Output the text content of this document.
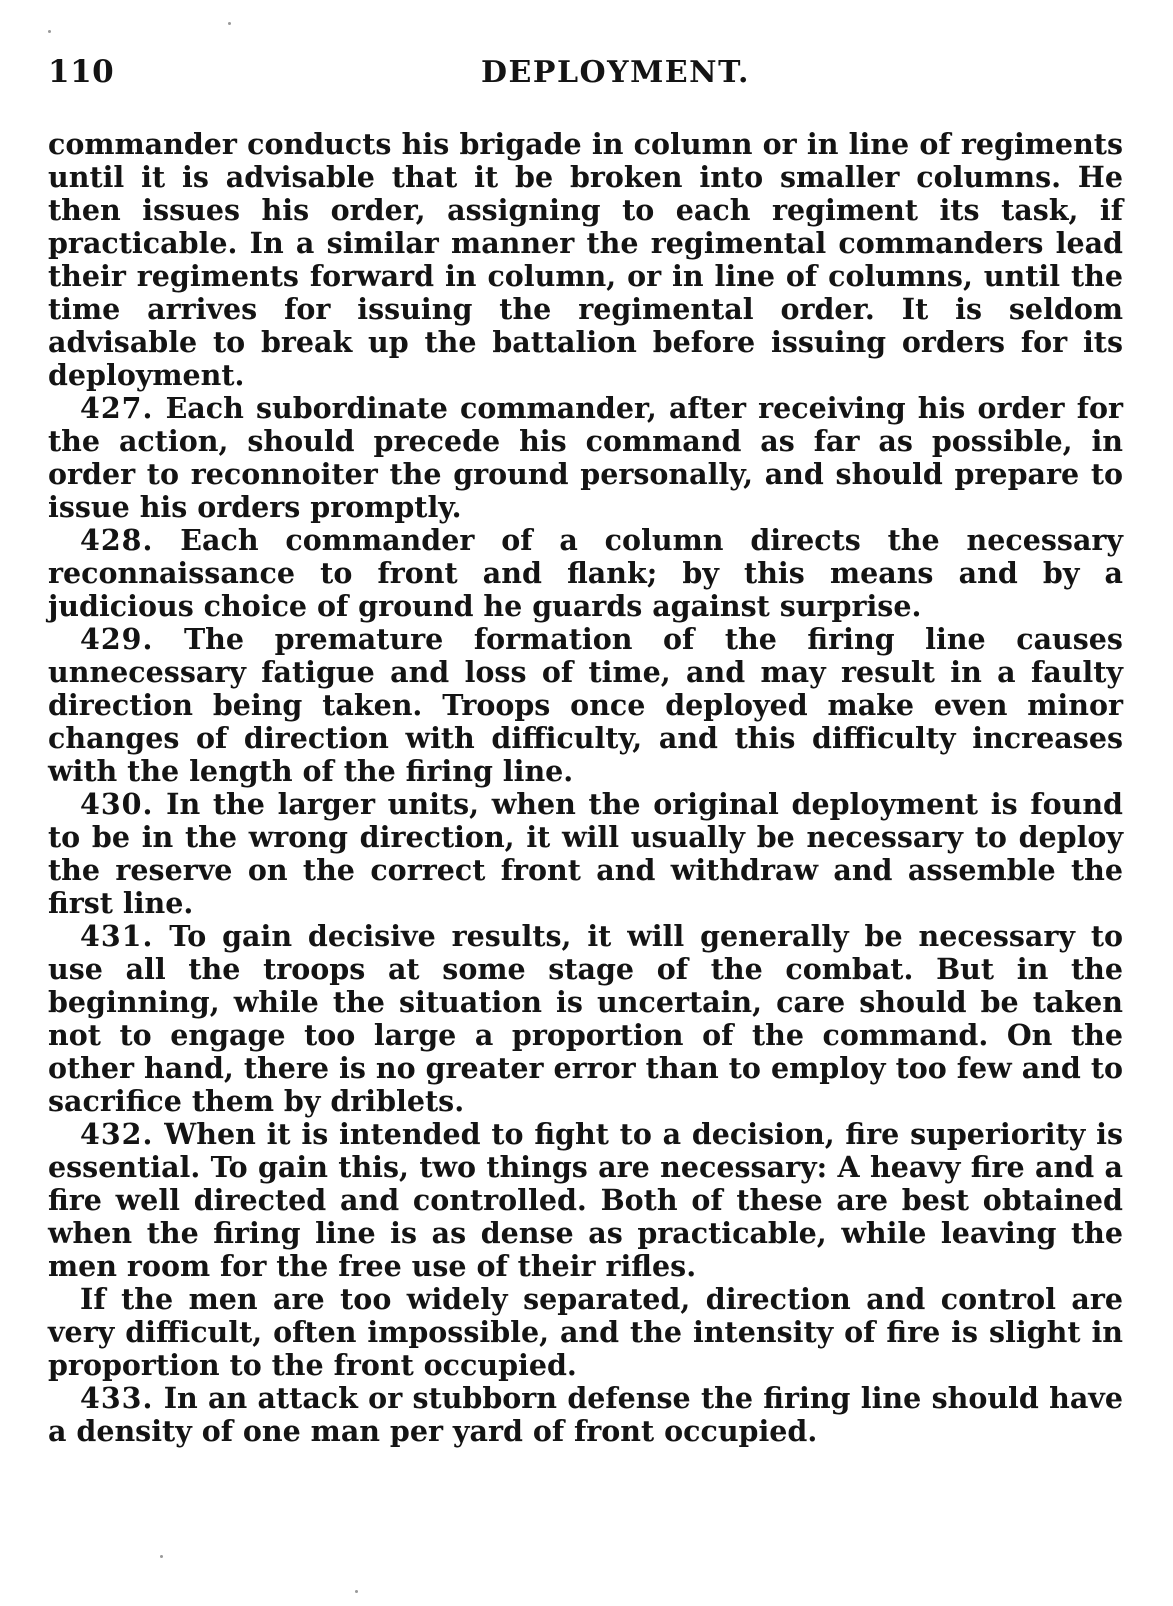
110	DEPLOYMENT.

commander conducts his brigade in column or in line of regiments until it is advisable that it be broken into smaller columns. He then issues his order, assigning to each regiment its task, if practicable. In a similar manner the regimental commanders lead their regiments forward in column, or in line of columns, until the time arrives for issuing the regimental order. It is seldom advisable to break up the battalion before issuing orders for its deployment.

427. Each subordinate commander, after receiving his order for the action, should precede his command as far as possible, in order to reconnoiter the ground personally, and should prepare to issue his orders promptly.

428. Each commander of a column directs the necessary reconnaissance to front and flank; by this means and by a judicious choice of ground he guards against surprise.

429. The premature formation of the firing line causes unnecessary fatigue and loss of time, and may result in a faulty direction being taken. Troops once deployed make even minor changes of direction with difficulty, and this difficulty increases with the length of the firing line.

430. In the larger units, when the original deployment is found to be in the wrong direction, it will usually be necessary to deploy the reserve on the correct front and withdraw and assemble the first line.

431. To gain decisive results, it will generally be necessary to use all the troops at some stage of the combat. But in the beginning, while the situation is uncertain, care should be taken not to engage too large a proportion of the command. On the other hand, there is no greater error than to employ too few and to sacrifice them by driblets.

432. When it is intended to fight to a decision, fire superiority is essential. To gain this, two things are necessary: A heavy fire and a fire well directed and controlled. Both of these are best obtained when the firing line is as dense as practicable, while leaving the men room for the free use of their rifles.

If the men are too widely separated, direction and control are very difficult, often impossible, and the intensity of fire is slight in proportion to the front occupied.

433. In an attack or stubborn defense the firing line should have a density of one man per yard of front occupied.
